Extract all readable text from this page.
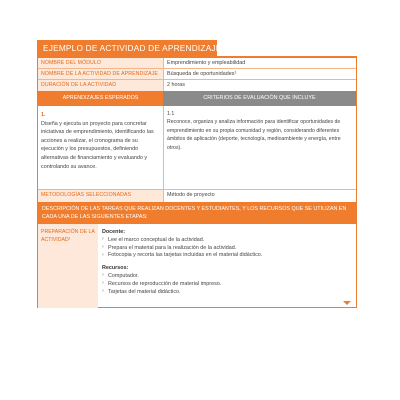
EJEMPLO DE ACTIVIDAD DE APRENDIZAJE
NOMBRE DEL MÓDULO	Emprendimiento y empleabilidad
NOMBRE DE LA ACTIVIDAD DE APRENDIZAJE	Búsqueda de oportunidades¹
DURACIÓN DE LA ACTIVIDAD	2 horas
APRENDIZAJES ESPERADOS	CRITERIOS DE EVALUACIÓN QUE INCLUYE
1.
Diseña y ejecuta un proyecto para concretar iniciativas de emprendimiento, identificando las acciones a realizar, el cronograma de su ejecución y los presupuestos, definiendo alternativas de financiamiento y evaluando y controlando su avance.
1.1Reconoce, organiza y analiza información para identificar oportunidades de emprendimiento en su propia comunidad y región, considerando diferentes ámbitos de aplicación (deporte, tecnología, medioambiente y energía, entre otros).
METODOLOGÍAS SELECCIONADAS	Método de proyecto
DESCRIPCIÓN DE LAS TAREAS QUE REALIZAN DOCENTES Y ESTUDIANTES, Y LOS RECURSOS QUE SE UTILIZAN EN CADA UNA DE LAS SIGUIENTES ETAPAS:
PREPARACIÓN DE LA ACTIVIDAD¹
Docente:
› Lee el marco conceptual de la actividad.
› Prepara el material para la realización de la actividad.
› Fotocopia y recorta las tarjetas incluidas en el material didáctico.
Recursos:
› Computador.
› Recursos de reproducción de material impreso.
› Tarjetas del material didáctico.
